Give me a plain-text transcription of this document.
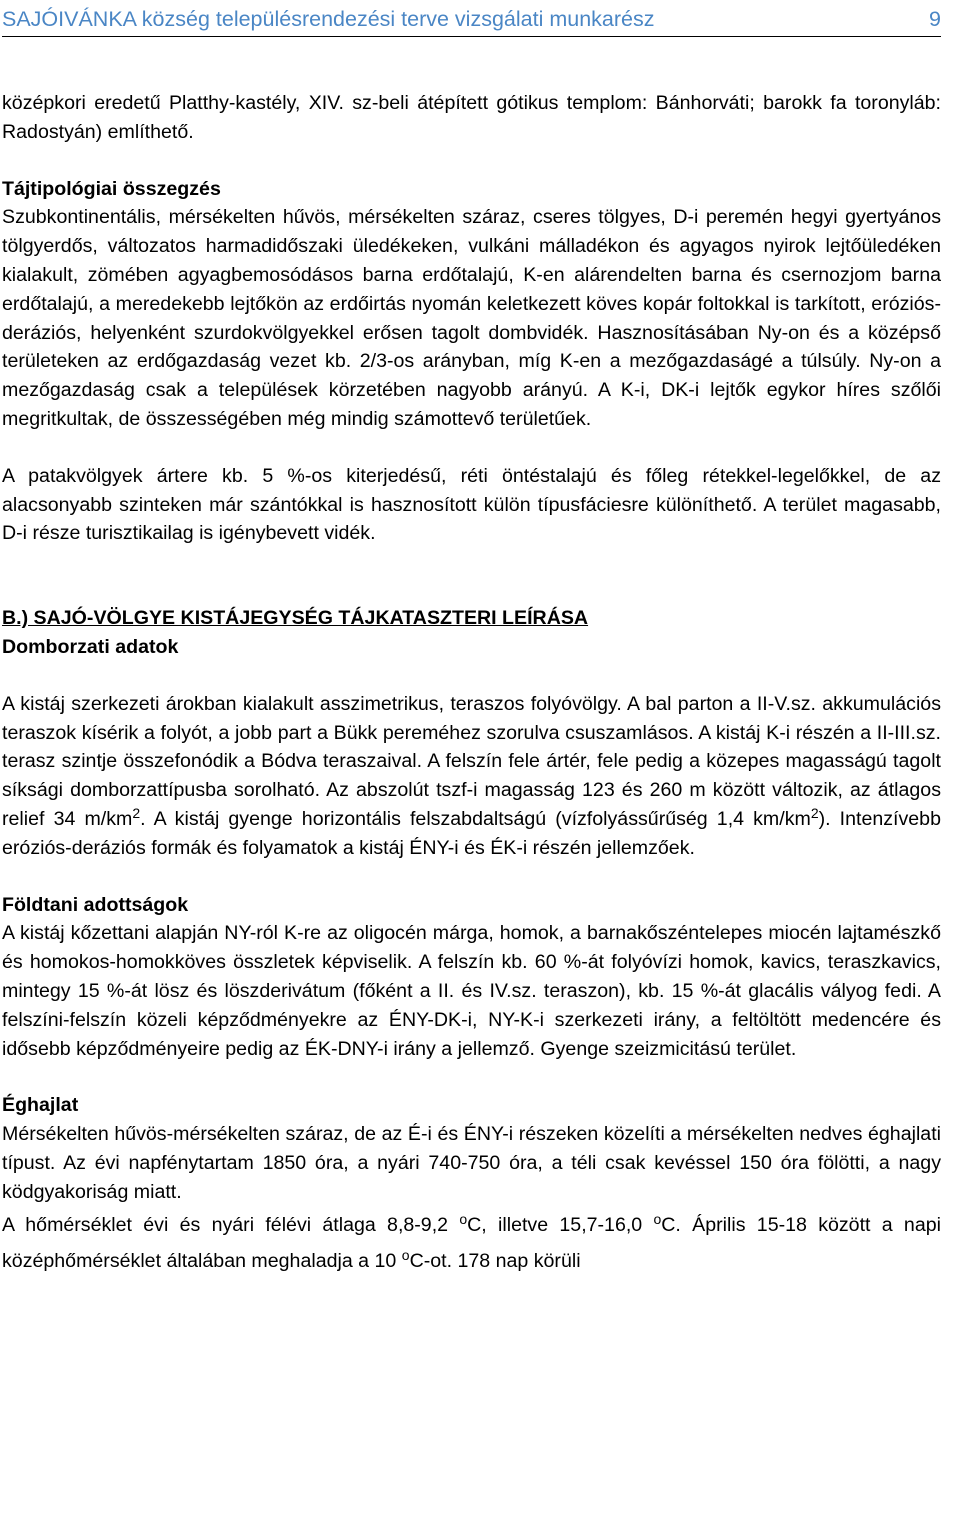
SAJÓIVÁNKA község településrendezési terve vizsgálati munkarész	9

középkori eredetű Platthy-kastély, XIV. sz-beli átépített gótikus templom: Bánhorváti; barokk fa toronyláb: Radostyán) említhető.

Tájtipológiai összegzés

Szubkontinentális, mérsékelten hűvös, mérsékelten száraz, cseres tölgyes, D-i peremén hegyi gyertyános tölgyerdős, változatos harmadidőszaki üledékeken, vulkáni málladékon és agyagos nyirok lejtőüledéken kialakult, zömében agyagbemosódásos barna erdőtalajú, K-en alárendelten barna és csernozjom barna erdőtalajú, a meredekebb lejtőkön az erdőirtás nyomán keletkezett köves kopár foltokkal is tarkított, eróziós-deráziós, helyenként szurdokvölgyekkel erősen tagolt dombvidék. Hasznosításában Ny-on és a középső területeken az erdőgazdaság vezet kb. 2/3-os arányban, míg K-en a mezőgazdaságé a túlsúly. Ny-on a mezőgazdaság csak a települések körzetében nagyobb arányú. A K-i, DK-i lejtők egykor híres szőlői megritkultak, de összességében még mindig számottevő területűek.

A patakvölgyek ártere kb. 5 %-os kiterjedésű, réti öntéstalajú és főleg rétekkel-legelőkkel, de az alacsonyabb szinteken már szántókkal is hasznosított külön típusfáciesre különíthető. A terület magasabb, D-i része turisztikailag is igénybevett vidék.

B.) SAJÓ-VÖLGYE KISTÁJEGYSÉG TÁJKATASZTERI LEÍRÁSA

Domborzati adatok

A kistáj szerkezeti árokban kialakult asszimetrikus, teraszos folyóvölgy. A bal parton a II-V.sz. akkumulációs teraszok kísérik a folyót, a jobb part a Bükk pereméhez szorulva csuszamlásos. A kistáj K-i részén a II-III.sz. terasz szintje összefonódik a Bódva teraszaival. A felszín fele ártér, fele pedig a közepes magasságú tagolt síksági domborzattípusba sorolható. Az abszolút tszf-i magasság 123 és 260 m között változik, az átlagos relief 34 $m/km^2$. A kistáj gyenge horizontális felszabdaltságú (vízfolyássűrűség 1,4 $km/km^2$). Intenzívebb eróziós-deráziós formák és folyamatok a kistáj ÉNY-i és ÉK-i részén jellemzőek.

Földtani adottságok

A kistáj kőzettani alapján NY-ról K-re az oligocén márga, homok, a barnakőszéntelepes miocén lajtamészkő és homokos-homokköves összletek képviselik. A felszín kb. 60 %-át folyóvízi homok, kavics, teraszkavics, mintegy 15 %-át lösz és löszderivátum (főként a II. és IV.sz. teraszon), kb. 15 %-át glacális vályog fedi. A felszíni-felszín közeli képződményekre az ÉNY-DK-i, NY-K-i szerkezeti irány, a feltöltött medencére és idősebb képződményeire pedig az ÉK-DNY-i irány a jellemző. Gyenge szeizmicitású terület.

Éghajlat

Mérsékelten hűvös-mérsékelten száraz, de az É-i és ÉNY-i részeken közelíti a mérsékelten nedves éghajlati típust. Az évi napfénytartam 1850 óra, a nyári 740-750 óra, a téli csak kevéssel 150 óra fölötti, a nagy ködgyakoriság miatt.

A hőmérséklet évi és nyári félévi átlaga 8,8-9,2 $^o$C, illetve 15,7-16,0 $^o$C. Április 15-18 között a napi középhőmérséklet általában meghaladja a 10 $^o$C-ot. 178 nap körüli
